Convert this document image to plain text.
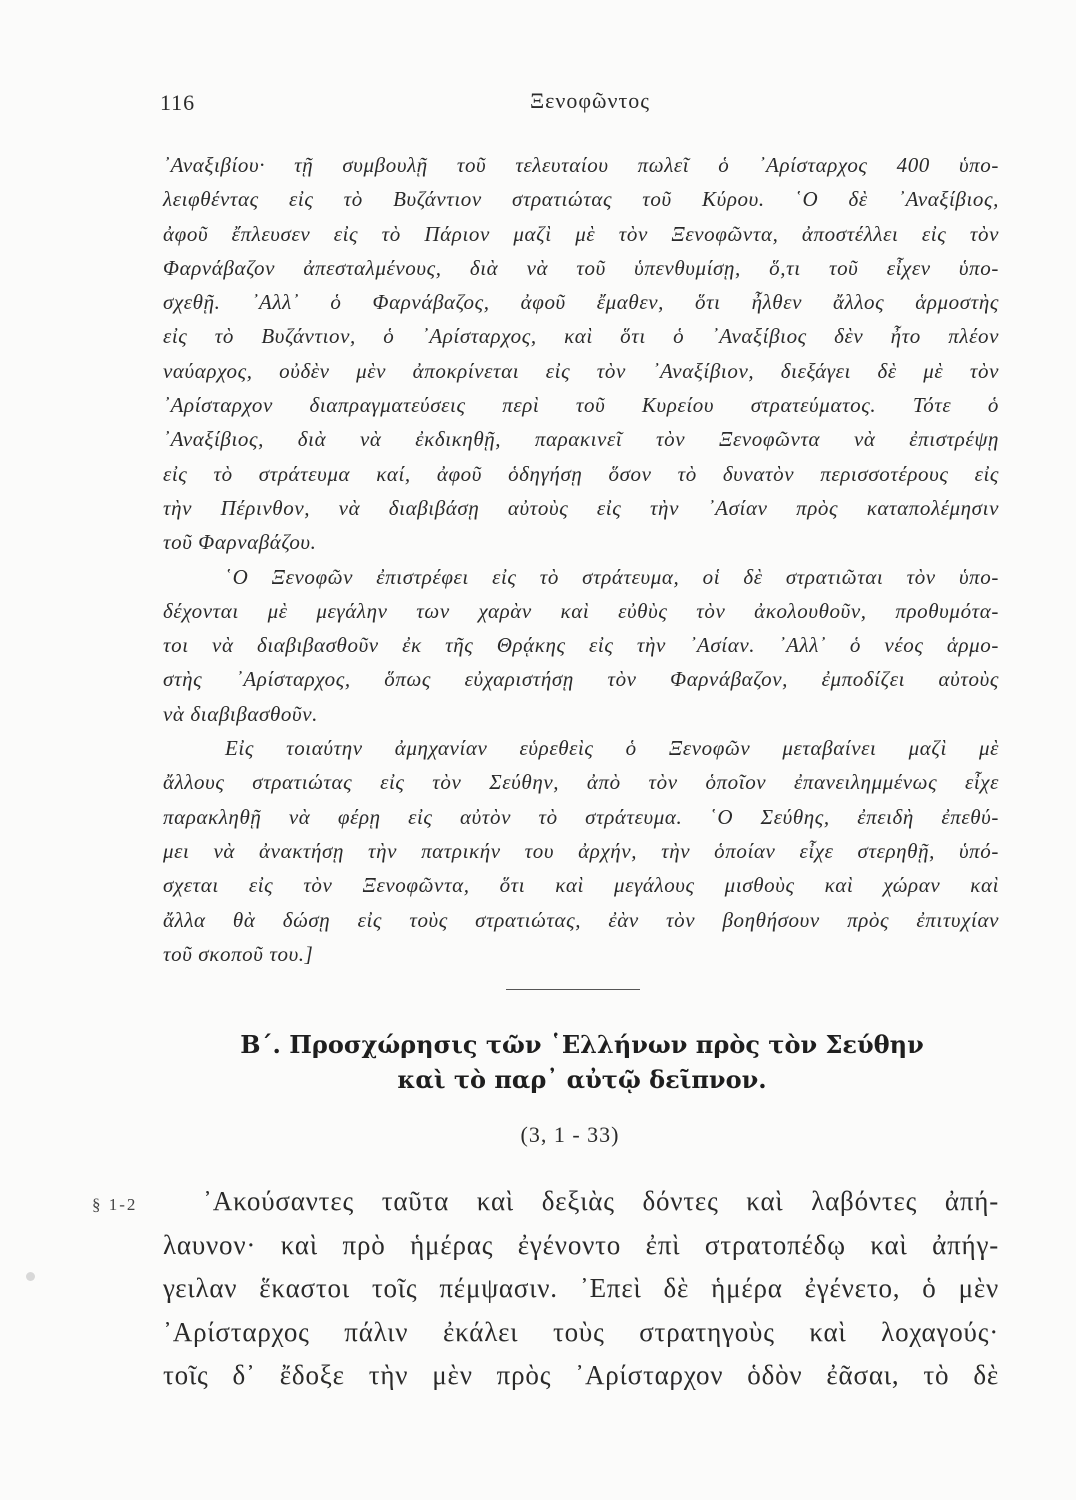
116	Ξενοφῶντος
᾿Αναξιβίου· τῇ συμβουλῇ τοῦ τελευταίου πωλεῖ ὁ ᾿Αρίσταρχος 400 ὑπο-
λειφθέντας εἰς τὸ Βυζάντιον στρατιώτας τοῦ Κύρου. ῾Ο δὲ ᾿Αναξίβιος,
ἀφοῦ ἔπλευσεν εἰς τὸ Πάριον μαζὶ μὲ τὸν Ξενοφῶντα, ἀποστέλλει εἰς τὸν
Φαρνάβαζον ἀπεσταλμένους, διὰ νὰ τοῦ ὑπενθυμίσῃ, ὅ,τι τοῦ εἶχεν ὑπο-
σχεθῇ. ᾿Αλλ᾿ ὁ Φαρνάβαζος, ἀφοῦ ἔμαθεν, ὅτι ἦλθεν ἄλλος ἁρμοστὴς
εἰς τὸ Βυζάντιον, ὁ ᾿Αρίσταρχος, καὶ ὅτι ὁ ᾿Αναξίβιος δὲν ἦτο πλέον
ναύαρχος, οὐδὲν μὲν ἀποκρίνεται εἰς τὸν ᾿Αναξίβιον, διεξάγει δὲ μὲ τὸν
᾿Αρίσταρχον διαπραγματεύσεις περὶ τοῦ Κυρείου στρατεύματος. Τότε ὁ
᾿Αναξίβιος, διὰ νὰ ἐκδικηθῇ, παρακινεῖ τὸν Ξενοφῶντα νὰ ἐπιστρέψῃ
εἰς τὸ στράτευμα καί, ἀφοῦ ὁδηγήσῃ ὅσον τὸ δυνατὸν περισσοτέρους εἰς
τὴν Πέρινθον, νὰ διαβιβάσῃ αὐτοὺς εἰς τὴν ᾿Ασίαν πρὸς καταπολέμησιν
τοῦ Φαρναβάζου.
῾Ο Ξενοφῶν ἐπιστρέφει εἰς τὸ στράτευμα, οἱ δὲ στρατιῶται τὸν ὑπο-
δέχονται μὲ μεγάλην των χαρὰν καὶ εὐθὺς τὸν ἀκολουθοῦν, προθυμότα-
τοι νὰ διαβιβασθοῦν ἐκ τῆς Θρᾴκης εἰς τὴν ᾿Ασίαν. ᾿Αλλ᾿ ὁ νέος ἁρμο-
στὴς ᾿Αρίσταρχος, ὅπως εὐχαριστήσῃ τὸν Φαρνάβαζον, ἐμποδίζει αὐτοὺς
νὰ διαβιβασθοῦν.
Εἰς τοιαύτην ἀμηχανίαν εὑρεθεὶς ὁ Ξενοφῶν μεταβαίνει μαζὶ μὲ
ἄλλους στρατιώτας εἰς τὸν Σεύθην, ἀπὸ τὸν ὁποῖον ἐπανειλημμένως εἶχε
παρακληθῇ νὰ φέρῃ εἰς αὐτὸν τὸ στράτευμα. ῾Ο Σεύθης, ἐπειδὴ ἐπεθύ-
μει νὰ ἀνακτήσῃ τὴν πατρικήν του ἀρχήν, τὴν ὁποίαν εἶχε στερηθῇ, ὑπό-
σχεται εἰς τὸν Ξενοφῶντα, ὅτι καὶ μεγάλους μισθοὺς καὶ χώραν καὶ
ἄλλα θὰ δώσῃ εἰς τοὺς στρατιώτας, ἐὰν τὸν βοηθήσουν πρὸς ἐπιτυχίαν
τοῦ σκοποῦ του.]
Β΄. Προσχώρησις τῶν ῾Ελλήνων πρὸς τὸν Σεύθην
καὶ τὸ παρ᾿ αὐτῷ δεῖπνον.
(3, 1 - 33)
§ 1-2	᾿Ακούσαντες ταῦτα καὶ δεξιὰς δόντες καὶ λαβόντες ἀπή-
λαυνον· καὶ πρὸ ἡμέρας ἐγένοντο ἐπὶ στρατοπέδῳ καὶ ἀπήγ-
γειλαν ἕκαστοι τοῖς πέμψασιν. ᾿Επεὶ δὲ ἡμέρα ἐγένετο, ὁ μὲν
᾿Αρίσταρχος πάλιν ἐκάλει τοὺς στρατηγοὺς καὶ λοχαγούς·
τοῖς δ᾿ ἔδοξε τὴν μὲν πρὸς ᾿Αρίσταρχον ὁδὸν ἐᾶσαι, τὸ δὲ
